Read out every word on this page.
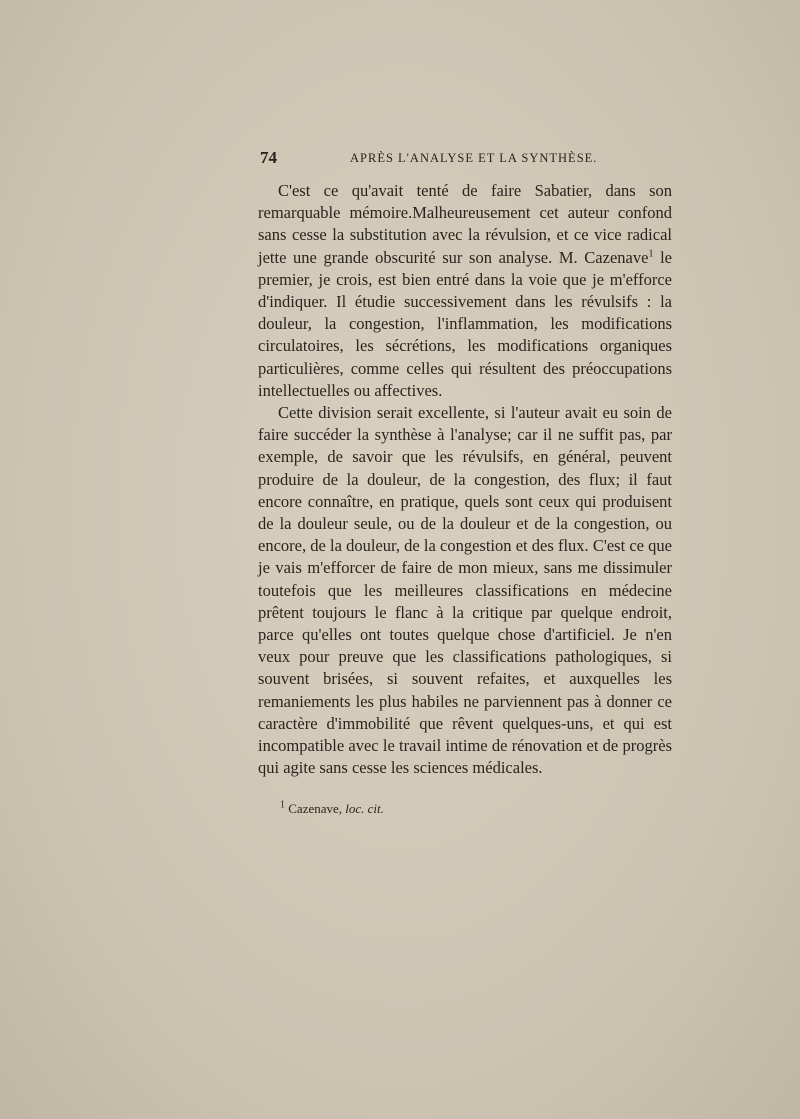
74	APRÈS L'ANALYSE ET LA SYNTHÈSE.

C'est ce qu'avait tenté de faire Sabatier, dans son remarquable mémoire.Malheureusement cet auteur confond sans cesse la substitution avec la révulsion, et ce vice radical jette une grande obscurité sur son analyse. M. Cazenave$^1$ le premier, je crois, est bien entré dans la voie que je m'efforce d'indiquer. Il étudie successivement dans les révulsifs : la douleur, la congestion, l'inflammation, les modifications circulatoires, les sécrétions, les modifications organiques particulières, comme celles qui résultent des préoccupations intellectuelles ou affectives.

Cette division serait excellente, si l'auteur avait eu soin de faire succéder la synthèse à l'analyse; car il ne suffit pas, par exemple, de savoir que les révulsifs, en général, peuvent produire de la douleur, de la congestion, des flux; il faut encore connaître, en pratique, quels sont ceux qui produisent de la douleur seule, ou de la douleur et de la congestion, ou encore, de la douleur, de la congestion et des flux. C'est ce que je vais m'efforcer de faire de mon mieux, sans me dissimuler toutefois que les meilleures classifications en médecine prêtent toujours le flanc à la critique par quelque endroit, parce qu'elles ont toutes quelque chose d'artificiel. Je n'en veux pour preuve que les classifications pathologiques, si souvent brisées, si souvent refaites, et auxquelles les remaniements les plus habiles ne parviennent pas à donner ce caractère d'immobilité que rêvent quelques-uns, et qui est incompatible avec le travail intime de rénovation et de progrès qui agite sans cesse les sciences médicales.

$^1$ Cazenave, loc. cit.
